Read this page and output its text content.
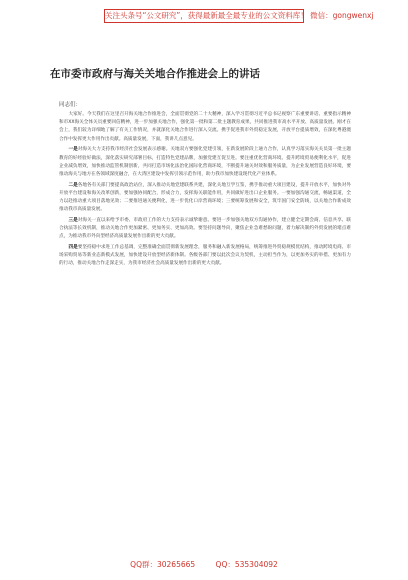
关注头条号“公文研究”，获得最新最全最专业的公文资料库！ 微信：gongwenxj
在市委市政府与海关关地合作推进会上的讲话
同志们：

大家好。今天我们在这里召开海关地合作推进会，全面贯彻党的二十大精神，深入学习贯彻习近平总书记视察广东重要讲话、重要指示精神和市XX海关全体关员重要回信精神，进一步加强关地合作，强化第一批和第二批主题教育成果，共同推进我市高水平开放、高质量发展。刚才在会上，我们较为详细地了解了有关工作情况，并就深化关地合作进行深入交流。携手促进我市外贸稳定发展，开放平台提质增效，在深化粤港澳合作中发挥更大作用作出贡献。高质量发展，下面，我讲几点意见。

一是对海关大力支持我市经济社会发展表示感谢。关地双方要强化党建引领，在新发展阶段上通力合作，认真学习落实海关关员第一批主题教育的好经验好做法，深化落实研究部署目标，打造特色党建品牌，加强党建互促互进。要注重优化营商环境、提升跨境贸易便利化水平，促进企业减负增效，加快推动监管机制创新，共同打造市场化法治化国际化营商环境，不断提升通关时效和服务质量，为企业发展营造良好环境，要推动海关与地方在各领域深度融合，在大湾区建设中发挥引领示范作用，助力我市加快建设现代化产业体系。

二是各地各有关部门要提高政治站位，深入推动关地党建联系共建，深化关地互学互鉴，携手推动重大项目建设，提升开放水平，加快对外开放平台建设和海关改革创新，要加强协同配合，形成合力，发挥海关职能作用，共同做好进出口企业服务。一要加强沟通交流，畅通渠道，全力以赴推动重大项目落地见效；二要推进通关便利化，进一步优化口岸营商环境；三要统筹发展和安全，筑牢国门安全防线，以关地合作新成效推动我市高质量发展。

三是对海关一直以来给予市委、市政府工作的大力支持表示诚挚谢意。要进一步加强关地双方沟通协作，建立健全定期会商、信息共享、联合执法等长效机制，推动关地合作更加紧密、更加务实、更加高效。要坚持问题导向，聚焦企业急难愁盼问题，着力解决制约外贸发展的堵点难点，为推动我市外向型经济高质量发展作出新的更大贡献。

四是要坚持稳中求进工作总基调，完整准确全面贯彻新发展理念，服务和融入新发展格局，统筹推进外贸稳规模优结构，推动跨境电商、市场采购贸易等新业态新模式发展，加快建设开放型经济新体制。各级各部门要以此次会议为契机，主动担当作为，以更加务实的举措、更加有力的行动，推动关地合作走深走实，为我市经济社会高质量发展作出新的更大贡献。

QQ群：30265665	QQ：535304092
